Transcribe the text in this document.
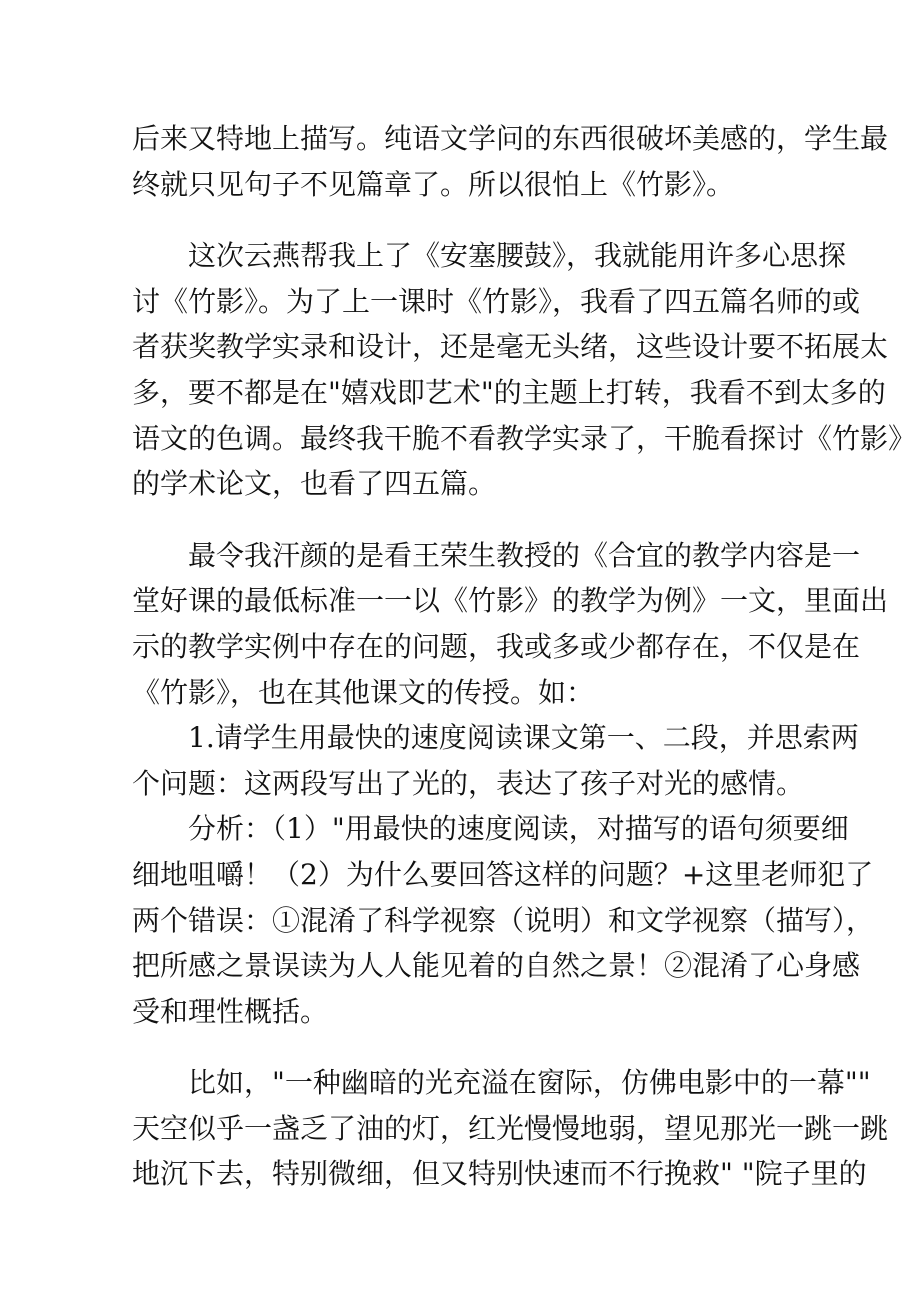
后来又特地上描写。纯语文学问的东西很破坏美感的，学生最
终就只见句子不见篇章了。所以很怕上《竹影》。
这次云燕帮我上了《安塞腰鼓》，我就能用许多心思探
讨《竹影》。为了上一课时《竹影》，我看了四五篇名师的或
者获奖教学实录和设计，还是毫无头绪，这些设计要不拓展太
多，要不都是在"嬉戏即艺术"的主题上打转，我看不到太多的
语文的色调。最终我干脆不看教学实录了，干脆看探讨《竹影》
的学术论文，也看了四五篇。
最令我汗颜的是看王荣生教授的《合宜的教学内容是一
堂好课的最低标准一一以《竹影》的教学为例》一文，里面出
示的教学实例中存在的问题，我或多或少都存在，不仅是在
《竹影》，也在其他课文的传授。如：
1.请学生用最快的速度阅读课文第一、二段，并思索两
个问题：这两段写出了光的，表达了孩子对光的感情。
分析：（1）"用最快的速度阅读，对描写的语句须要细
细地咀嚼！（2）为什么要回答这样的问题？+这里老师犯了
两个错误：①混淆了科学视察（说明）和文学视察（描写），
把所感之景误读为人人能见着的自然之景！②混淆了心身感
受和理性概括。
比如，"一种幽暗的光充溢在窗际，仿佛电影中的一幕""
天空似乎一盏乏了油的灯，红光慢慢地弱，望见那光一跳一跳
地沉下去，特别微细，但又特别快速而不行挽救" "院子里的
